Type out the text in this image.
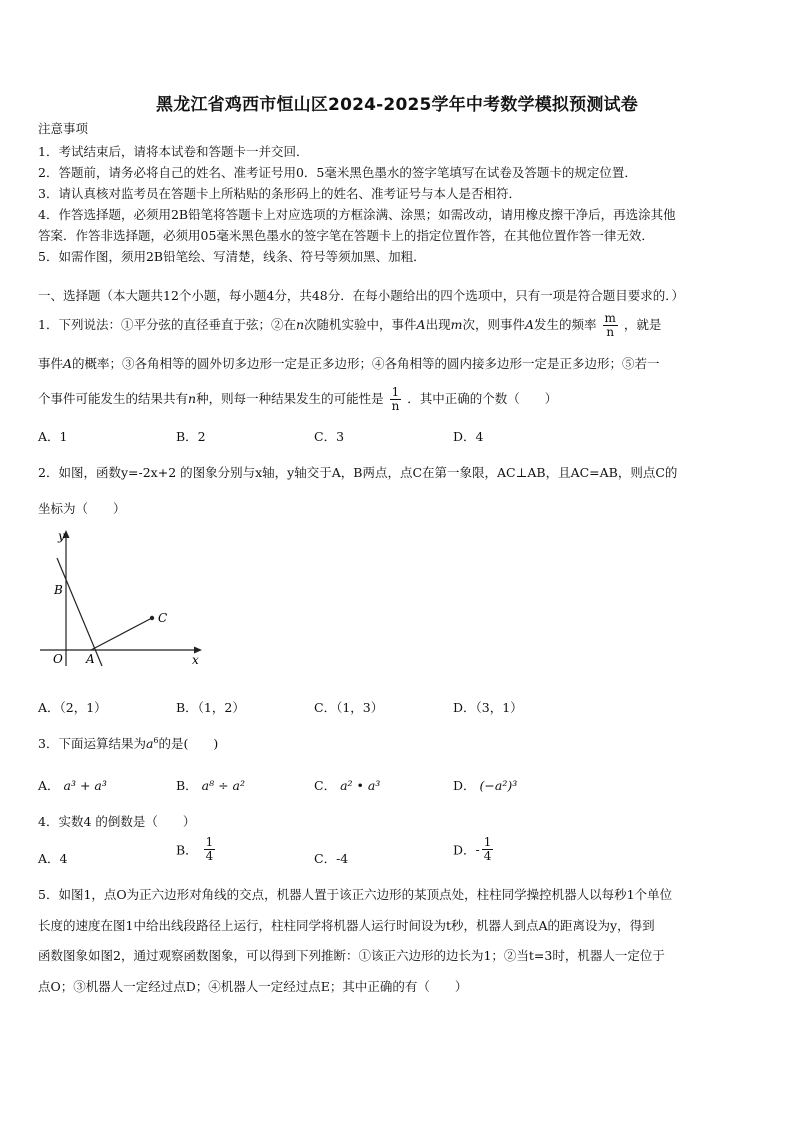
黑龙江省鸡西市恒山区2024-2025学年中考数学模拟预测试卷
注意事项
1．考试结束后，请将本试卷和答题卡一并交回．
2．答题前，请务必将自己的姓名、准考证号用0．5毫米黑色墨水的签字笔填写在试卷及答题卡的规定位置．
3．请认真核对监考员在答题卡上所粘贴的条形码上的姓名、准考证号与本人是否相符．
4．作答选择题，必须用2B铅笔将答题卡上对应选项的方框涂满、涂黑；如需改动，请用橡皮擦干净后，再选涂其他
答案．作答非选择题，必须用05毫米黑色墨水的签字笔在答题卡上的指定位置作答，在其他位置作答一律无效．
5．如需作图，须用2B铅笔绘、写清楚，线条、符号等须加黑、加粗．
一、选择题（本大题共12个小题，每小题4分，共48分．在每小题给出的四个选项中，只有一项是符合题目要求的．）
1．下列说法：①平分弦的直径垂直于弦；②在n次随机实验中，事件A出现m次，则事件A发生的频率 $\frac{m}{n}$ ，就是
事件A的概率；③各角相等的圆外切多边形一定是正多边形；④各角相等的圆内接多边形一定是正多边形；⑤若一
个事件可能发生的结果共有n种，则每一种结果发生的可能性是 $\frac{1}{n}$ ．其中正确的个数（　　）
A．1	B．2	C．3	D．4
2．如图，函数y=-2x+2 的图象分别与x轴，y轴交于A，B两点，点C在第一象限，AC⊥AB，且AC=AB，则点C的
坐标为（　　）
y
B
O A	x
C
A．（2，1）	B．（1，2）	C．（1，3）	D．（3，1）
3．下面运算结果为$a^6$的是(　　)
A． a³ + a³	B． a⁸ ÷ a²	C． a² • a³	D． (−a²)³
4．实数4 的倒数是（　　）
A．4
B． $\frac{1}{4}$	C．-4
D．- $\frac{1}{4}$
5．如图1，点O为正六边形对角线的交点，机器人置于该正六边形的某顶点处，柱柱同学操控机器人以每秒1个单位
长度的速度在图1中给出线段路径上运行，柱柱同学将机器人运行时间设为t秒，机器人到点A的距离设为y，得到
函数图象如图2，通过观察函数图象，可以得到下列推断：①该正六边形的边长为1；②当t=3时，机器人一定位于
点O；③机器人一定经过点D；④机器人一定经过点E；其中正确的有（　　）
